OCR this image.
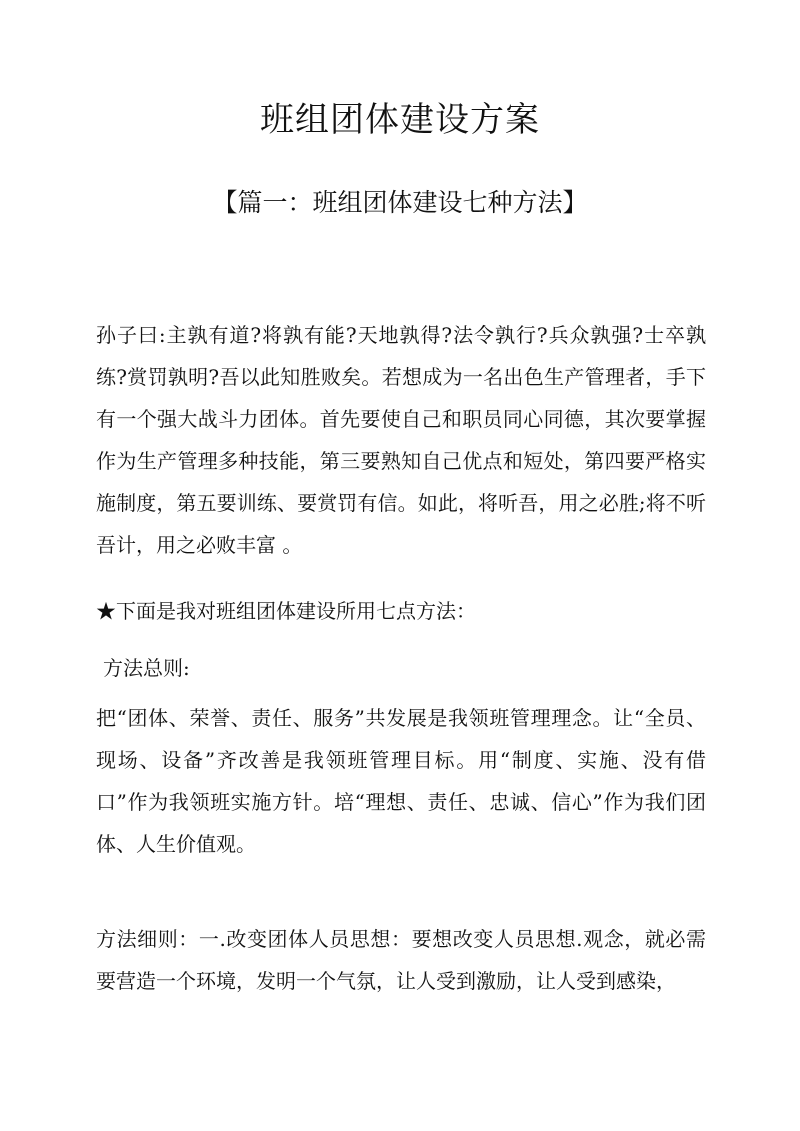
班组团体建设方案
【篇一：班组团体建设七种方法】

孙子曰:主孰有道?将孰有能?天地孰得?法令孰行?兵众孰强?士卒孰练?赏罚孰明?吾以此知胜败矣。若想成为一名出色生产管理者，手下有一个强大战斗力团体。首先要使自己和职员同心同德，其次要掌握作为生产管理多种技能，第三要熟知自己优点和短处，第四要严格实施制度，第五要训练、要赏罚有信。如此，将听吾，用之必胜;将不听吾计，用之必败丰富 。

★下面是我对班组团体建设所用七点方法：

方法总则:

把“团体、荣誉、责任、服务”共发展是我领班管理理念。让“全员、现场、设备”齐改善是我领班管理目标。用“制度、实施、没有借口”作为我领班实施方针。培“理想、责任、忠诚、信心”作为我们团体、人生价值观。

方法细则：一.改变团体人员思想：要想改变人员思想.观念，就必需要营造一个环境，发明一个气氛，让人受到激励，让人受到感染，
